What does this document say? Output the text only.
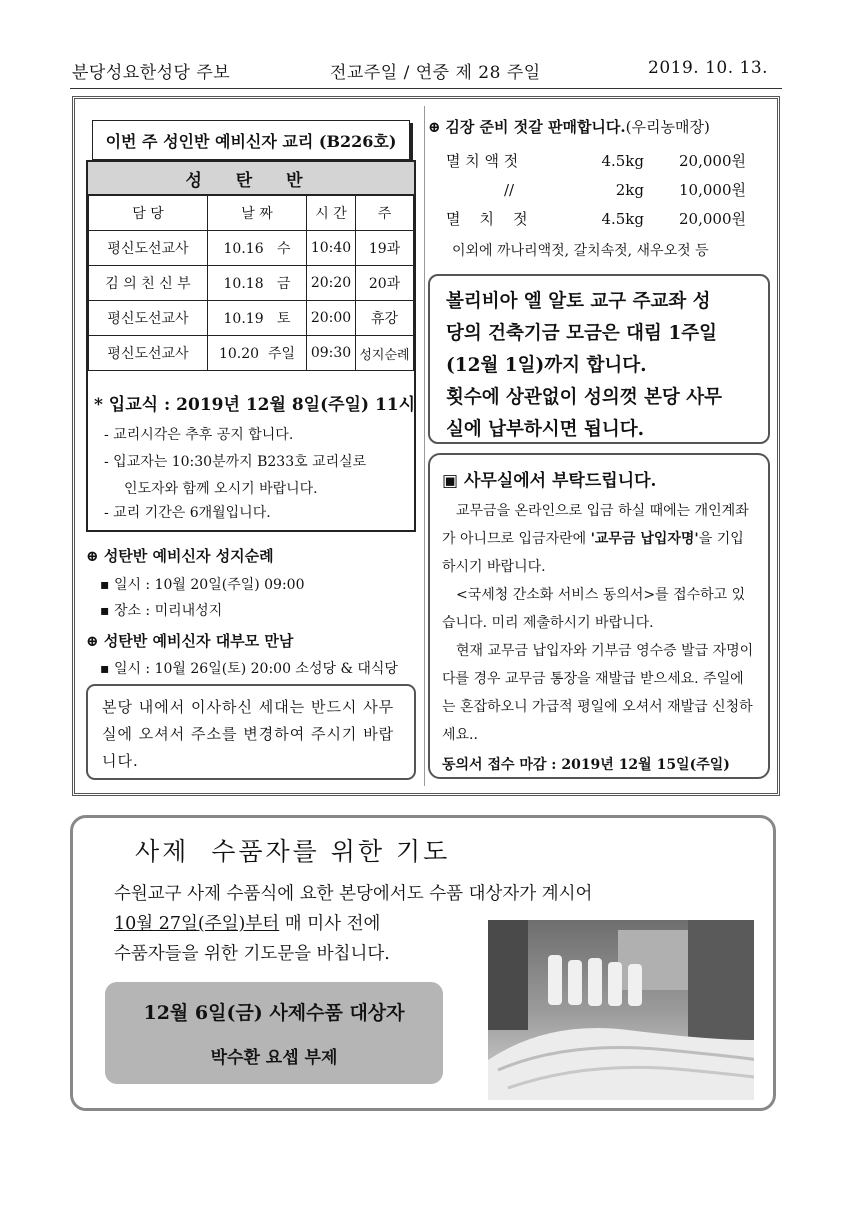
분당성요한성당 주보	전교주일 / 연중 제 28 주일	2019. 10. 13.
이번 주 성인반 예비신자 교리 (B226호)
성 탄 반
담 당	날 짜	시 간	주
평신도선교사	10.16   수	10:40	19과
김 의 친 신 부	10.18   금	20:20	20과
평신도선교사	10.19   토	20:00	휴강
평신도선교사	10.20  주일	09:30	성지순례
* 입교식 : 2019년 12월 8일(주일) 11시
- 교리시각은 추후 공지 합니다.
- 입교자는 10:30분까지 B233호 교리실로
인도자와 함께 오시기 바랍니다.
- 교리 기간은 6개월입니다.
⊕ 성탄반 예비신자 성지순례
▪ 일시 : 10월 20일(주일) 09:00
▪ 장소 : 미리내성지
⊕ 성탄반 예비신자 대부모 만남
▪ 일시 : 10월 26일(토) 20:00 소성당 & 대식당
본당 내에서 이사하신 세대는 반드시 사무실에 오셔서 주소를 변경하여 주시기 바랍니다.
⊕ 김장 준비 젓갈 판매합니다.(우리농매장)
멸 치 액 젓	4.5kg	20,000원
//	2kg	10,000원
멸    치    젓	4.5kg	20,000원
이외에 까나리액젓, 갈치속젓, 새우오젓 등
볼리비아 엘 알토 교구 주교좌 성
당의 건축기금 모금은 대림 1주일
(12월 1일)까지 합니다.
횟수에 상관없이 성의껏 본당 사무
실에 납부하시면 됩니다.
▣ 사무실에서 부탁드립니다.

교무금을 온라인으로 입금 하실 때에는 개인계좌가 아니므로 입금자란에 '교무금 납입자명'을 기입하시기 바랍니다.

<국세청 간소화 서비스 동의서>를 접수하고 있습니다. 미리 제출하시기 바랍니다.

현재 교무금 납입자와 기부금 영수증 발급 자명이 다를 경우 교무금 통장을 재발급 받으세요. 주일에는 혼잡하오니 가급적 평일에 오셔서 재발급 신청하세요..

동의서 접수 마감 : 2019년 12월 15일(주일)
사제  수품자를 위한 기도
수원교구 사제 수품식에 요한 본당에서도 수품 대상자가 계시어
10월 27일(주일)부터 매 미사 전에
수품자들을 위한 기도문을 바칩니다.
12월 6일(금) 사제수품 대상자
박수환 요셉 부제
